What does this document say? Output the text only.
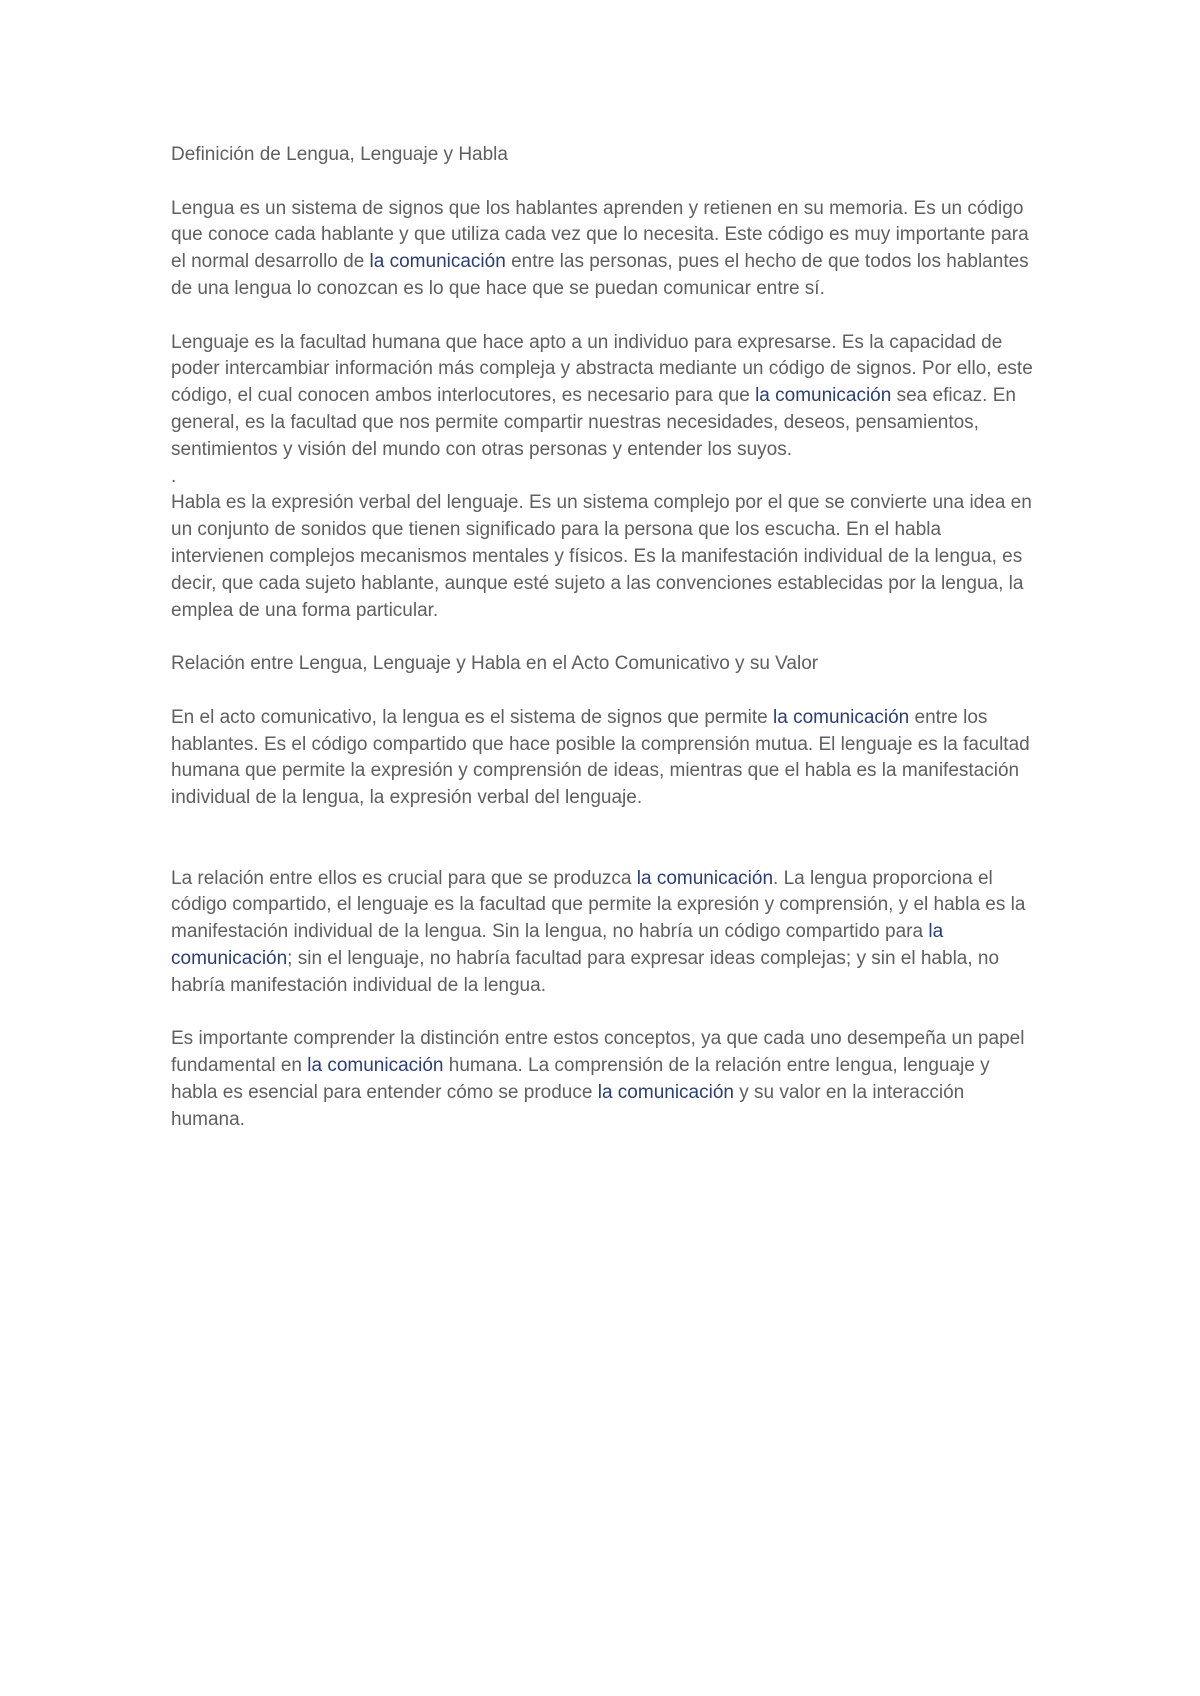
Definición de Lengua, Lenguaje y Habla

Lengua es un sistema de signos que los hablantes aprenden y retienen en su memoria. Es un código que conoce cada hablante y que utiliza cada vez que lo necesita. Este código es muy importante para el normal desarrollo de la comunicación entre las personas, pues el hecho de que todos los hablantes de una lengua lo conozcan es lo que hace que se puedan comunicar entre sí.

Lenguaje es la facultad humana que hace apto a un individuo para expresarse. Es la capacidad de poder intercambiar información más compleja y abstracta mediante un código de signos. Por ello, este código, el cual conocen ambos interlocutores, es necesario para que la comunicación sea eficaz. En general, es la facultad que nos permite compartir nuestras necesidades, deseos, pensamientos, sentimientos y visión del mundo con otras personas y entender los suyos.

.

Habla es la expresión verbal del lenguaje. Es un sistema complejo por el que se convierte una idea en un conjunto de sonidos que tienen significado para la persona que los escucha. En el habla intervienen complejos mecanismos mentales y físicos. Es la manifestación individual de la lengua, es decir, que cada sujeto hablante, aunque esté sujeto a las convenciones establecidas por la lengua, la emplea de una forma particular.

Relación entre Lengua, Lenguaje y Habla en el Acto Comunicativo y su Valor

En el acto comunicativo, la lengua es el sistema de signos que permite la comunicación entre los hablantes. Es el código compartido que hace posible la comprensión mutua. El lenguaje es la facultad humana que permite la expresión y comprensión de ideas, mientras que el habla es la manifestación individual de la lengua, la expresión verbal del lenguaje.

La relación entre ellos es crucial para que se produzca la comunicación. La lengua proporciona el código compartido, el lenguaje es la facultad que permite la expresión y comprensión, y el habla es la manifestación individual de la lengua. Sin la lengua, no habría un código compartido para la comunicación; sin el lenguaje, no habría facultad para expresar ideas complejas; y sin el habla, no habría manifestación individual de la lengua.

Es importante comprender la distinción entre estos conceptos, ya que cada uno desempeña un papel fundamental en la comunicación humana. La comprensión de la relación entre lengua, lenguaje y habla es esencial para entender cómo se produce la comunicación y su valor en la interacción humana.
